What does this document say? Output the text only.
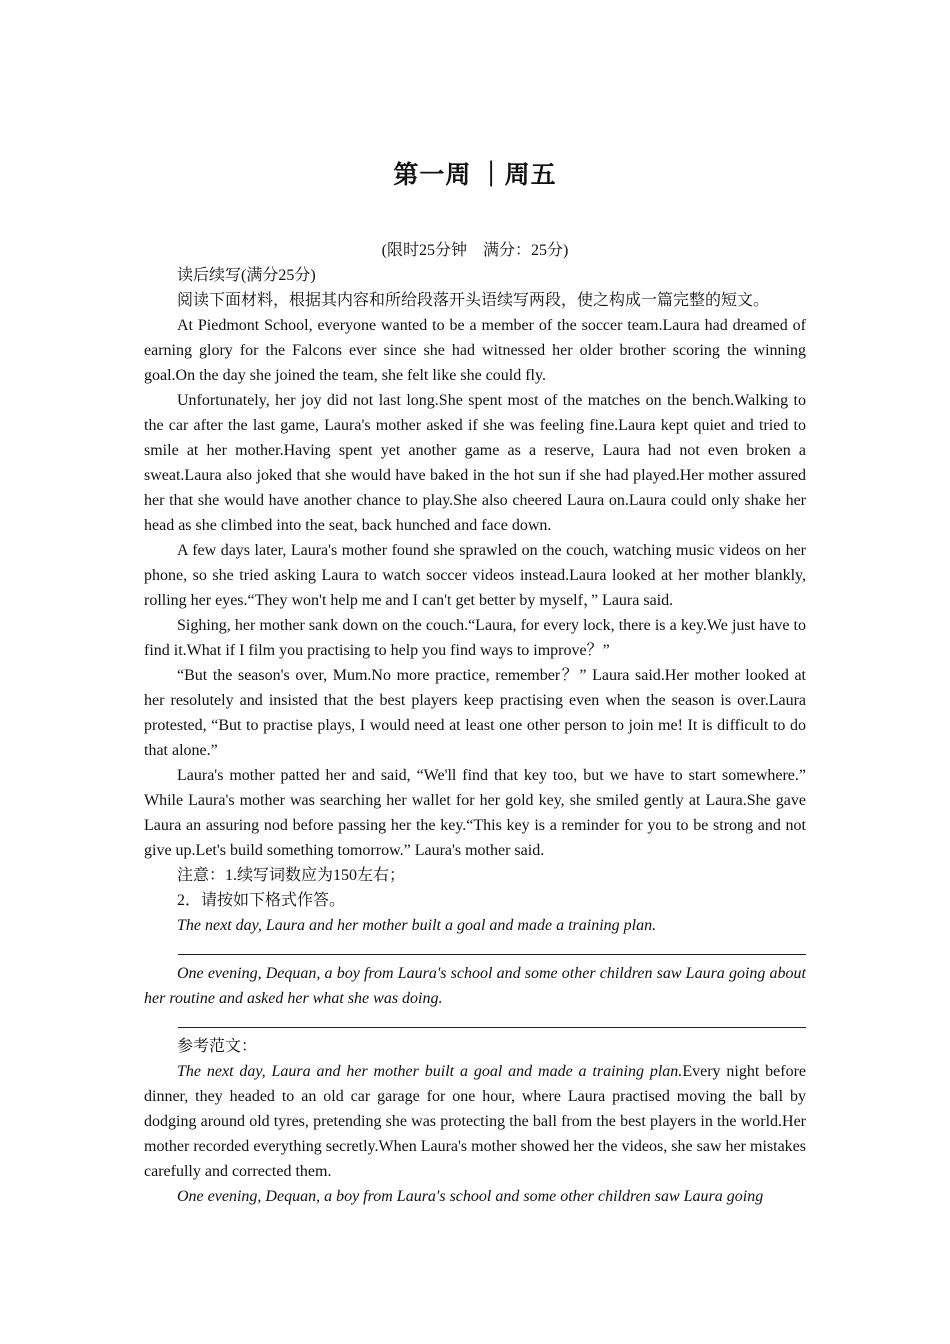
第一周 ｜周五

(限时25分钟　满分：25分)

读后续写(满分25分)

阅读下面材料，根据其内容和所给段落开头语续写两段，使之构成一篇完整的短文。

At Piedmont School, everyone wanted to be a member of the soccer team.Laura had dreamed of earning glory for the Falcons ever since she had witnessed her older brother scoring the winning goal.On the day she joined the team, she felt like she could fly.

Unfortunately, her joy did not last long.She spent most of the matches on the bench.Walking to the car after the last game, Laura's mother asked if she was feeling fine.Laura kept quiet and tried to smile at her mother.Having spent yet another game as a reserve, Laura had not even broken a sweat.Laura also joked that she would have baked in the hot sun if she had played.Her mother assured her that she would have another chance to play.She also cheered Laura on.Laura could only shake her head as she climbed into the seat, back hunched and face down.

A few days later, Laura's mother found she sprawled on the couch, watching music videos on her phone, so she tried asking Laura to watch soccer videos instead.Laura looked at her mother blankly, rolling her eyes.“They won't help me and I can't get better by myself，” Laura said.

Sighing, her mother sank down on the couch.“Laura, for every lock, there is a key.We just have to find it.What if I film you practising to help you find ways to improve？”

“But the season's over, Mum.No more practice, remember？” Laura said.Her mother looked at her resolutely and insisted that the best players keep practising even when the season is over.Laura protested, “But to practise plays, I would need at least one other person to join me! It is difficult to do that alone.”

Laura's mother patted her and said, “We'll find that key too, but we have to start somewhere.” While Laura's mother was searching her wallet for her gold key, she smiled gently at Laura.She gave Laura an assuring nod before passing her the key.“This key is a reminder for you to be strong and not give up.Let's build something tomorrow.” Laura's mother said.

注意：1.续写词数应为150左右；

2．请按如下格式作答。

The next day, Laura and her mother built a goal and made a training plan.

One eνening, Dequan, a boy from Laura's school and some other children saw Laura going about her routine and asked her what she was doing.

参考范文：

The next day, Laura and her mother built a goal and made a training plan.Every night before dinner, they headed to an old car garage for one hour, where Laura practised moving the ball by dodging around old tyres, pretending she was protecting the ball from the best players in the world.Her mother recorded everything secretly.When Laura's mother showed her the videos, she saw her mistakes carefully and corrected them.

One eνening, Dequan, a boy from Laura's school and some other children saw Laura going
